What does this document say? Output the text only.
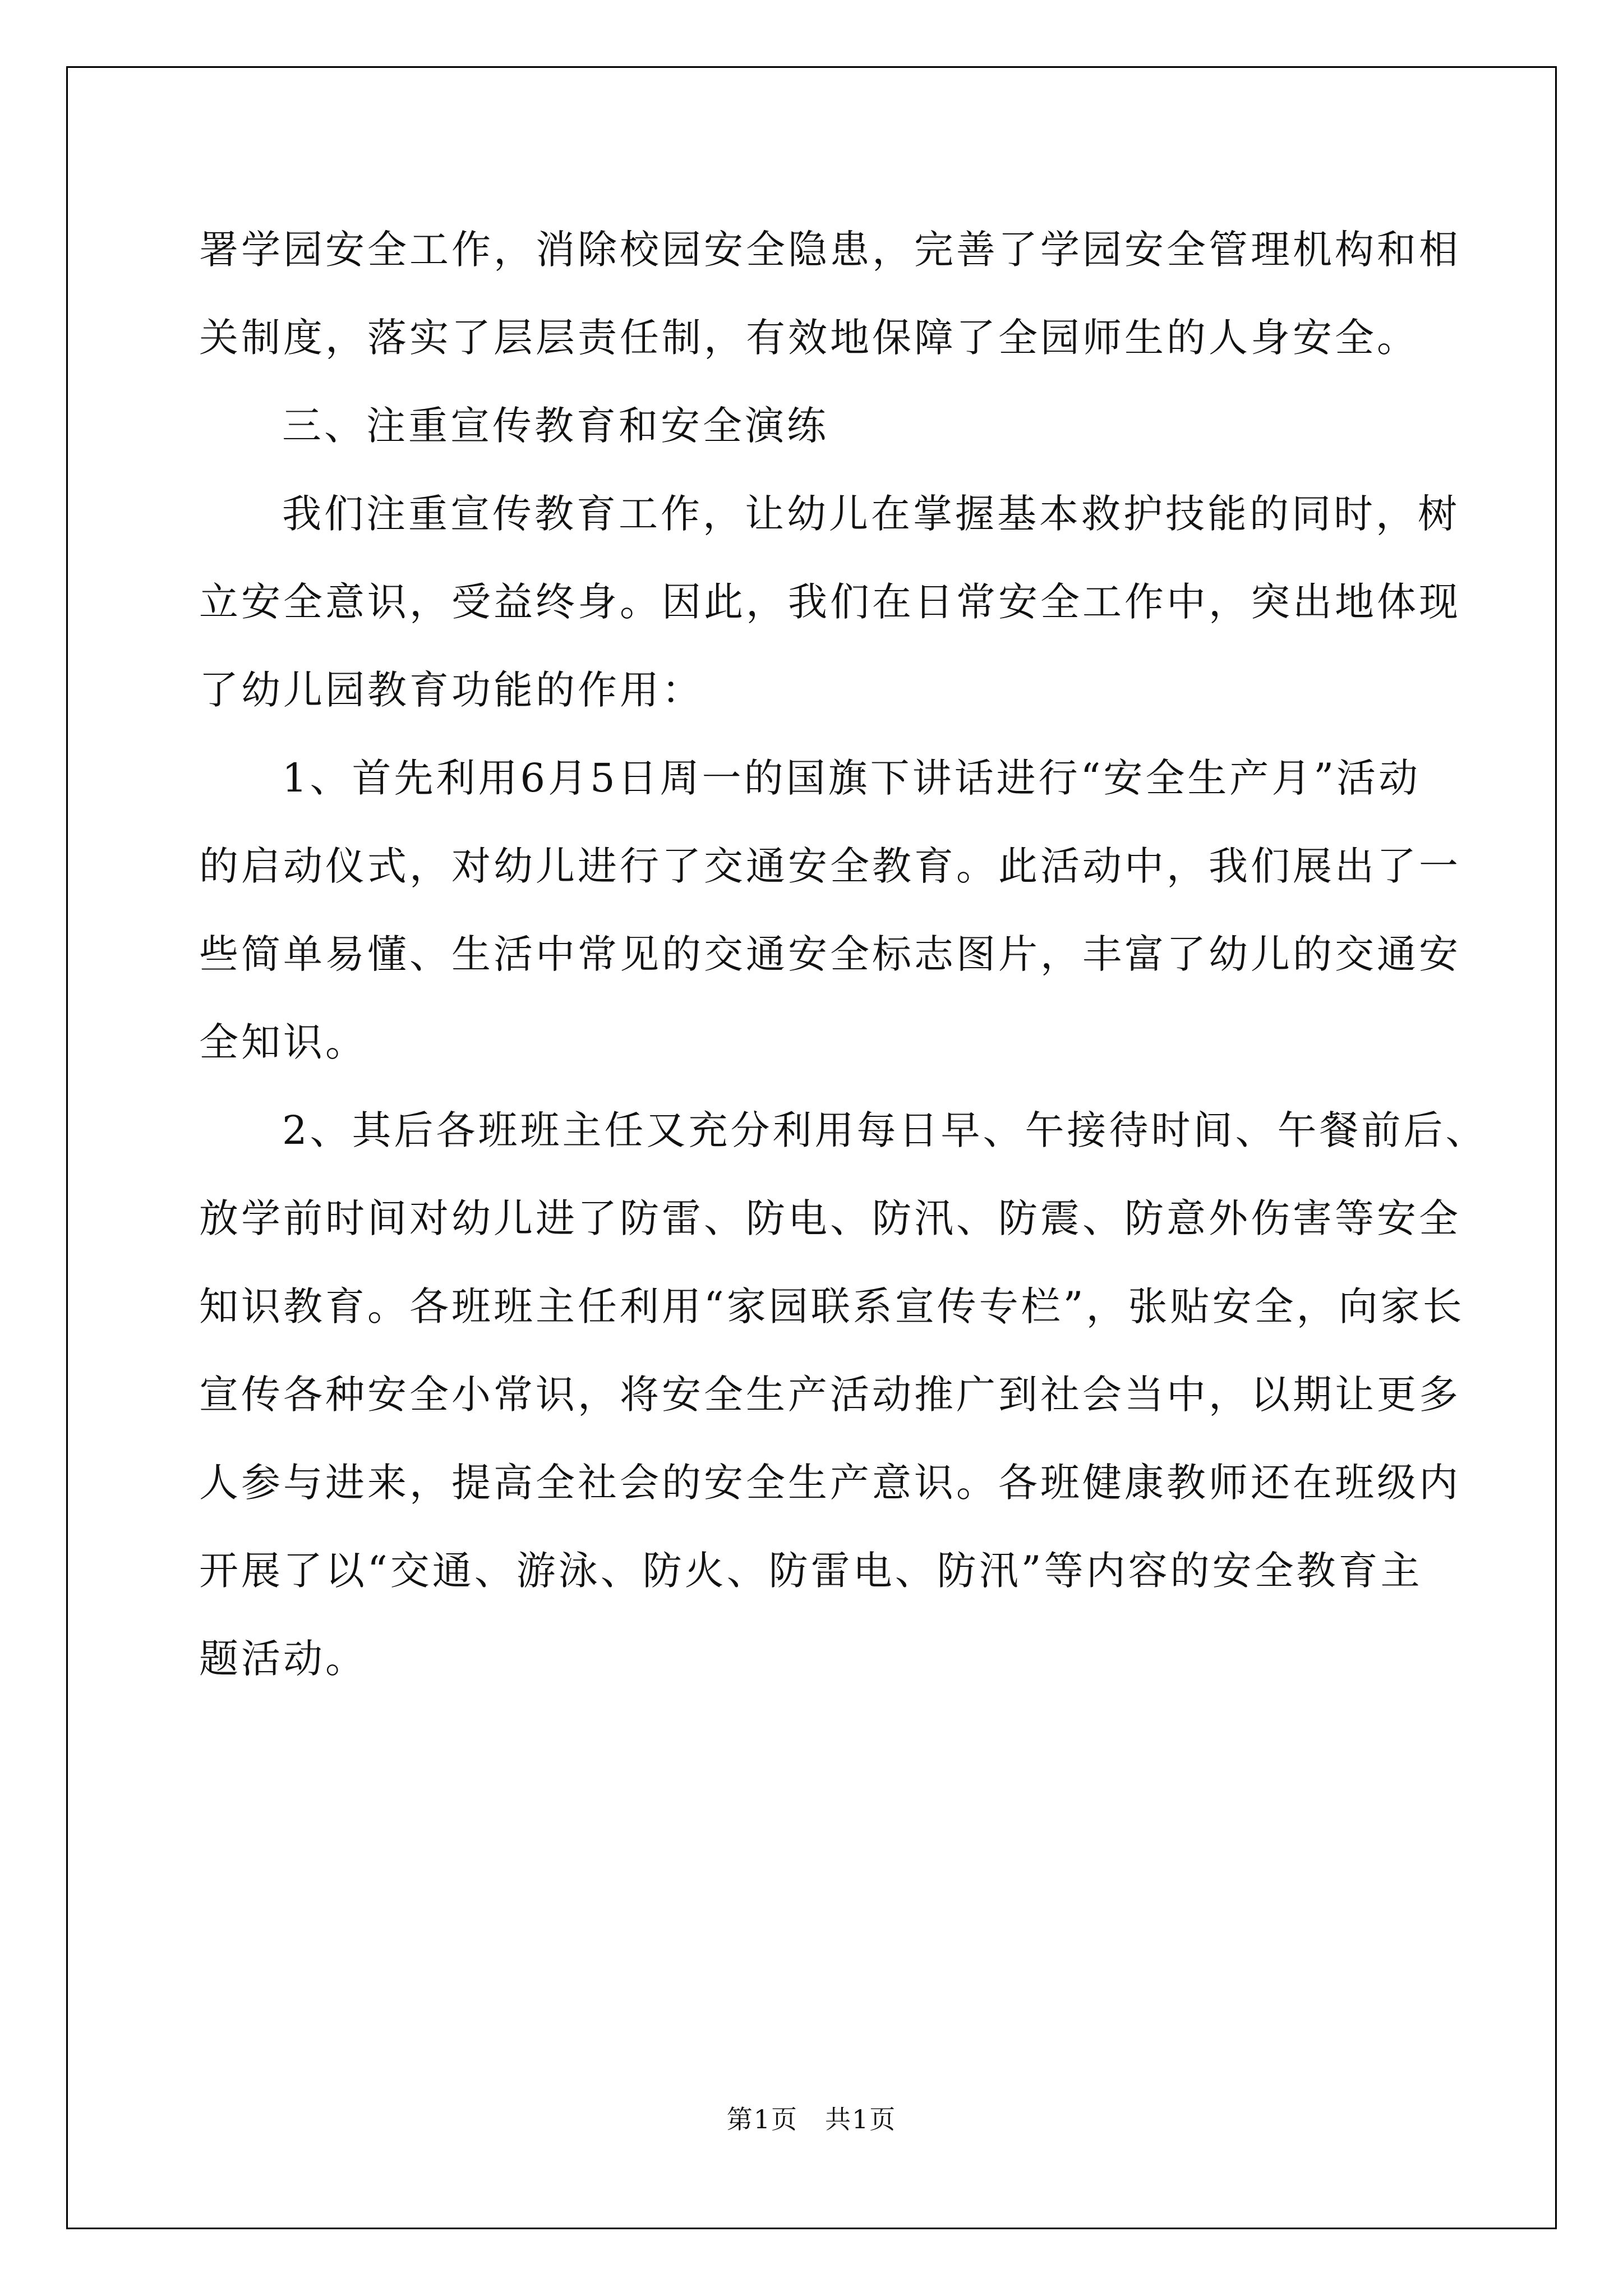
署学园安全工作，消除校园安全隐患，完善了学园安全管理机构和相
关制度，落实了层层责任制，有效地保障了全园师生的人身安全。
三、注重宣传教育和安全演练
我们注重宣传教育工作，让幼儿在掌握基本救护技能的同时，树
立安全意识，受益终身。因此，我们在日常安全工作中，突出地体现
了幼儿园教育功能的作用：
1、首先利用6月5日周一的国旗下讲话进行“安全生产月”活动
的启动仪式，对幼儿进行了交通安全教育。此活动中，我们展出了一
些简单易懂、生活中常见的交通安全标志图片，丰富了幼儿的交通安
全知识。
2、其后各班班主任又充分利用每日早、午接待时间、午餐前后、
放学前时间对幼儿进了防雷、防电、防汛、防震、防意外伤害等安全
知识教育。各班班主任利用“家园联系宣传专栏”，张贴安全，向家长
宣传各种安全小常识，将安全生产活动推广到社会当中，以期让更多
人参与进来，提高全社会的安全生产意识。各班健康教师还在班级内
开展了以“交通、游泳、防火、防雷电、防汛”等内容的安全教育主
题活动。
第1页　共1页
